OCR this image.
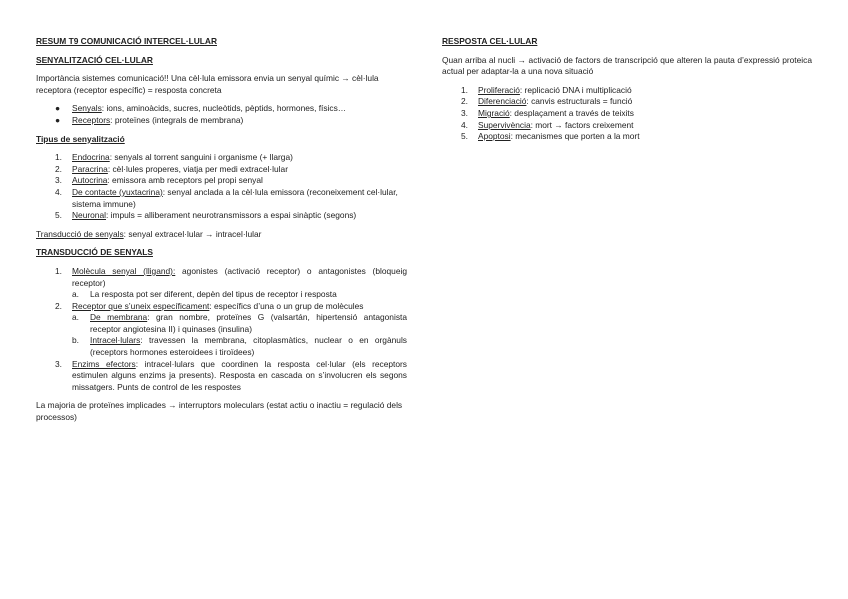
RESUM T9 COMUNICACIÓ INTERCEL·LULAR

SENYALITZACIÓ CEL·LULAR

Importància sistemes comunicació!! Una cèl·lula emissora envia un senyal químic → cèl·lula receptora (receptor específic) = resposta concreta

● Senyals: ions, aminoàcids, sucres, nucleòtids, pèptids, hormones, físics…
● Receptors: proteïnes (integrals de membrana)

Tipus de senyalització

1. Endocrina: senyals al torrent sanguini i organisme (+ llarga)
2. Paracrina: cèl·lules properes, viatja per medi extracel·lular
3. Autocrina: emissora amb receptors pel propi senyal
4. De contacte (yuxtacrina): senyal anclada a la cèl·lula emissora (reconeixement cel·lular, sistema immune)
5. Neuronal: impuls = alliberament neurotransmissors a espai sinàptic (segons)

Transducció de senyals: senyal extracel·lular → intracel·lular

TRANSDUCCIÓ DE SENYALS

1. Molècula senyal (lligand): agonistes (activació receptor) o antagonistes (bloqueig receptor)
a. La resposta pot ser diferent, depèn del tipus de receptor i resposta
2. Receptor que s’uneix específicament: específics d’una o un grup de molècules
a. De membrana: gran nombre, proteïnes G (valsartán, hipertensió antagonista receptor angiotesina II) i quinases (insulina)
b. Intracel·lulars: travessen la membrana, citoplasmàtics, nuclear o en orgànuls (receptors hormones esteroidees i tiroïdees)
3. Enzims efectors: intracel·lulars que coordinen la resposta cel·lular (els receptors estimulen alguns enzims ja presents). Resposta en cascada on s’involucren els segons missatgers. Punts de control de les respostes

La majoria de proteïnes implicades → interruptors moleculars (estat actiu o inactiu = regulació dels processos)

RESPOSTA CEL·LULAR

Quan arriba al nucli → activació de factors de transcripció que alteren la pauta d’expressió proteica actual per adaptar-la a una nova situació

1. Proliferació: replicació DNA i multiplicació
2. Diferenciació: canvis estructurals = funció
3. Migració: desplaçament a través de teixits
4. Supervivència: mort → factors creixement
5. Apoptosi: mecanismes que porten a la mort
